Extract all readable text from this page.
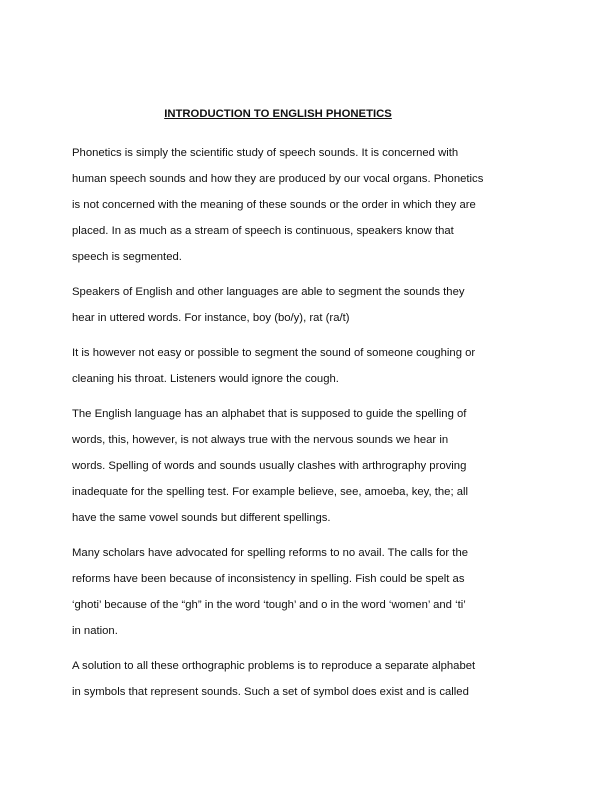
INTRODUCTION TO ENGLISH PHONETICS
Phonetics is simply the scientific study of speech sounds. It is concerned with
human speech sounds and how they are produced by our vocal organs. Phonetics
is not concerned with the meaning of these sounds or the order in which they are
placed. In as much as a stream of speech is continuous, speakers know that
speech is segmented.
Speakers of English and other languages are able to segment the sounds they
hear in uttered words. For instance, boy (bo/y), rat (ra/t)
It is however not easy or possible to segment the sound of someone coughing or
cleaning his throat. Listeners would ignore the cough.
The English language has an alphabet that is supposed to guide the spelling of
words, this, however, is not always true with the nervous sounds we hear in
words. Spelling of words and sounds usually clashes with arthrography proving
inadequate for the spelling test. For example believe, see, amoeba, key, the; all
have the same vowel sounds but different spellings.
Many scholars have advocated for spelling reforms to no avail. The calls for the
reforms have been because of inconsistency in spelling. Fish could be spelt as
‘ghoti’ because of the “gh” in the word ‘tough’ and o in the word ‘women’ and ‘ti’
in nation.
A solution to all these orthographic problems is to reproduce a separate alphabet
in symbols that represent sounds. Such a set of symbol does exist and is called
